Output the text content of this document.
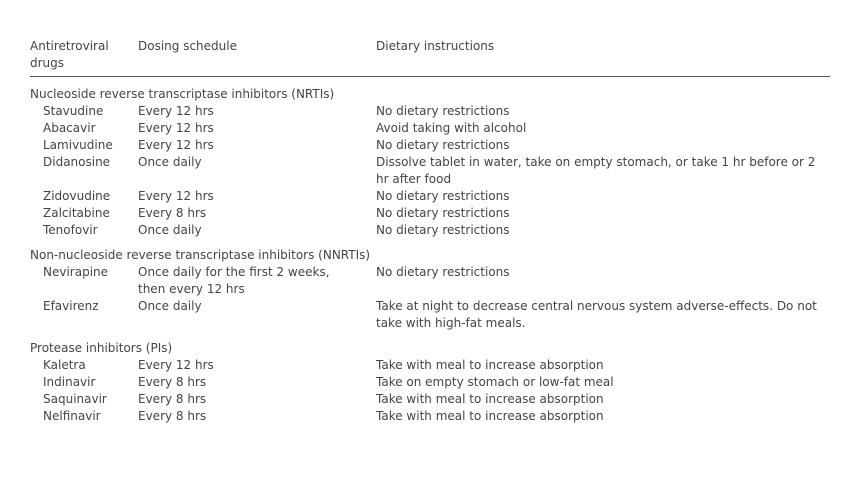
Antiretroviral drugs	Dosing schedule	Dietary instructions
Nucleoside reverse transcriptase inhibitors (NRTIs)		
Stavudine	Every 12 hrs	No dietary restrictions
Abacavir	Every 12 hrs	Avoid taking with alcohol
Lamivudine	Every 12 hrs	No dietary restrictions
Didanosine	Once daily	Dissolve tablet in water, take on empty stomach, or take 1 hr before or 2 hr after food
Zidovudine	Every 12 hrs	No dietary restrictions
Zalcitabine	Every 8 hrs	No dietary restrictions
Tenofovir	Once daily	No dietary restrictions
Non-nucleoside reverse transcriptase inhibitors (NNRTIs)		
Nevirapine	Once daily for the first 2 weeks, then every 12 hrs	No dietary restrictions
Efavirenz	Once daily	Take at night to decrease central nervous system adverse-effects. Do not take with high-fat meals.
Protease inhibitors (PIs)		
Kaletra	Every 12 hrs	Take with meal to increase absorption
Indinavir	Every 8 hrs	Take on empty stomach or low-fat meal
Saquinavir	Every 8 hrs	Take with meal to increase absorption
Nelfinavir	Every 8 hrs	Take with meal to increase absorption
